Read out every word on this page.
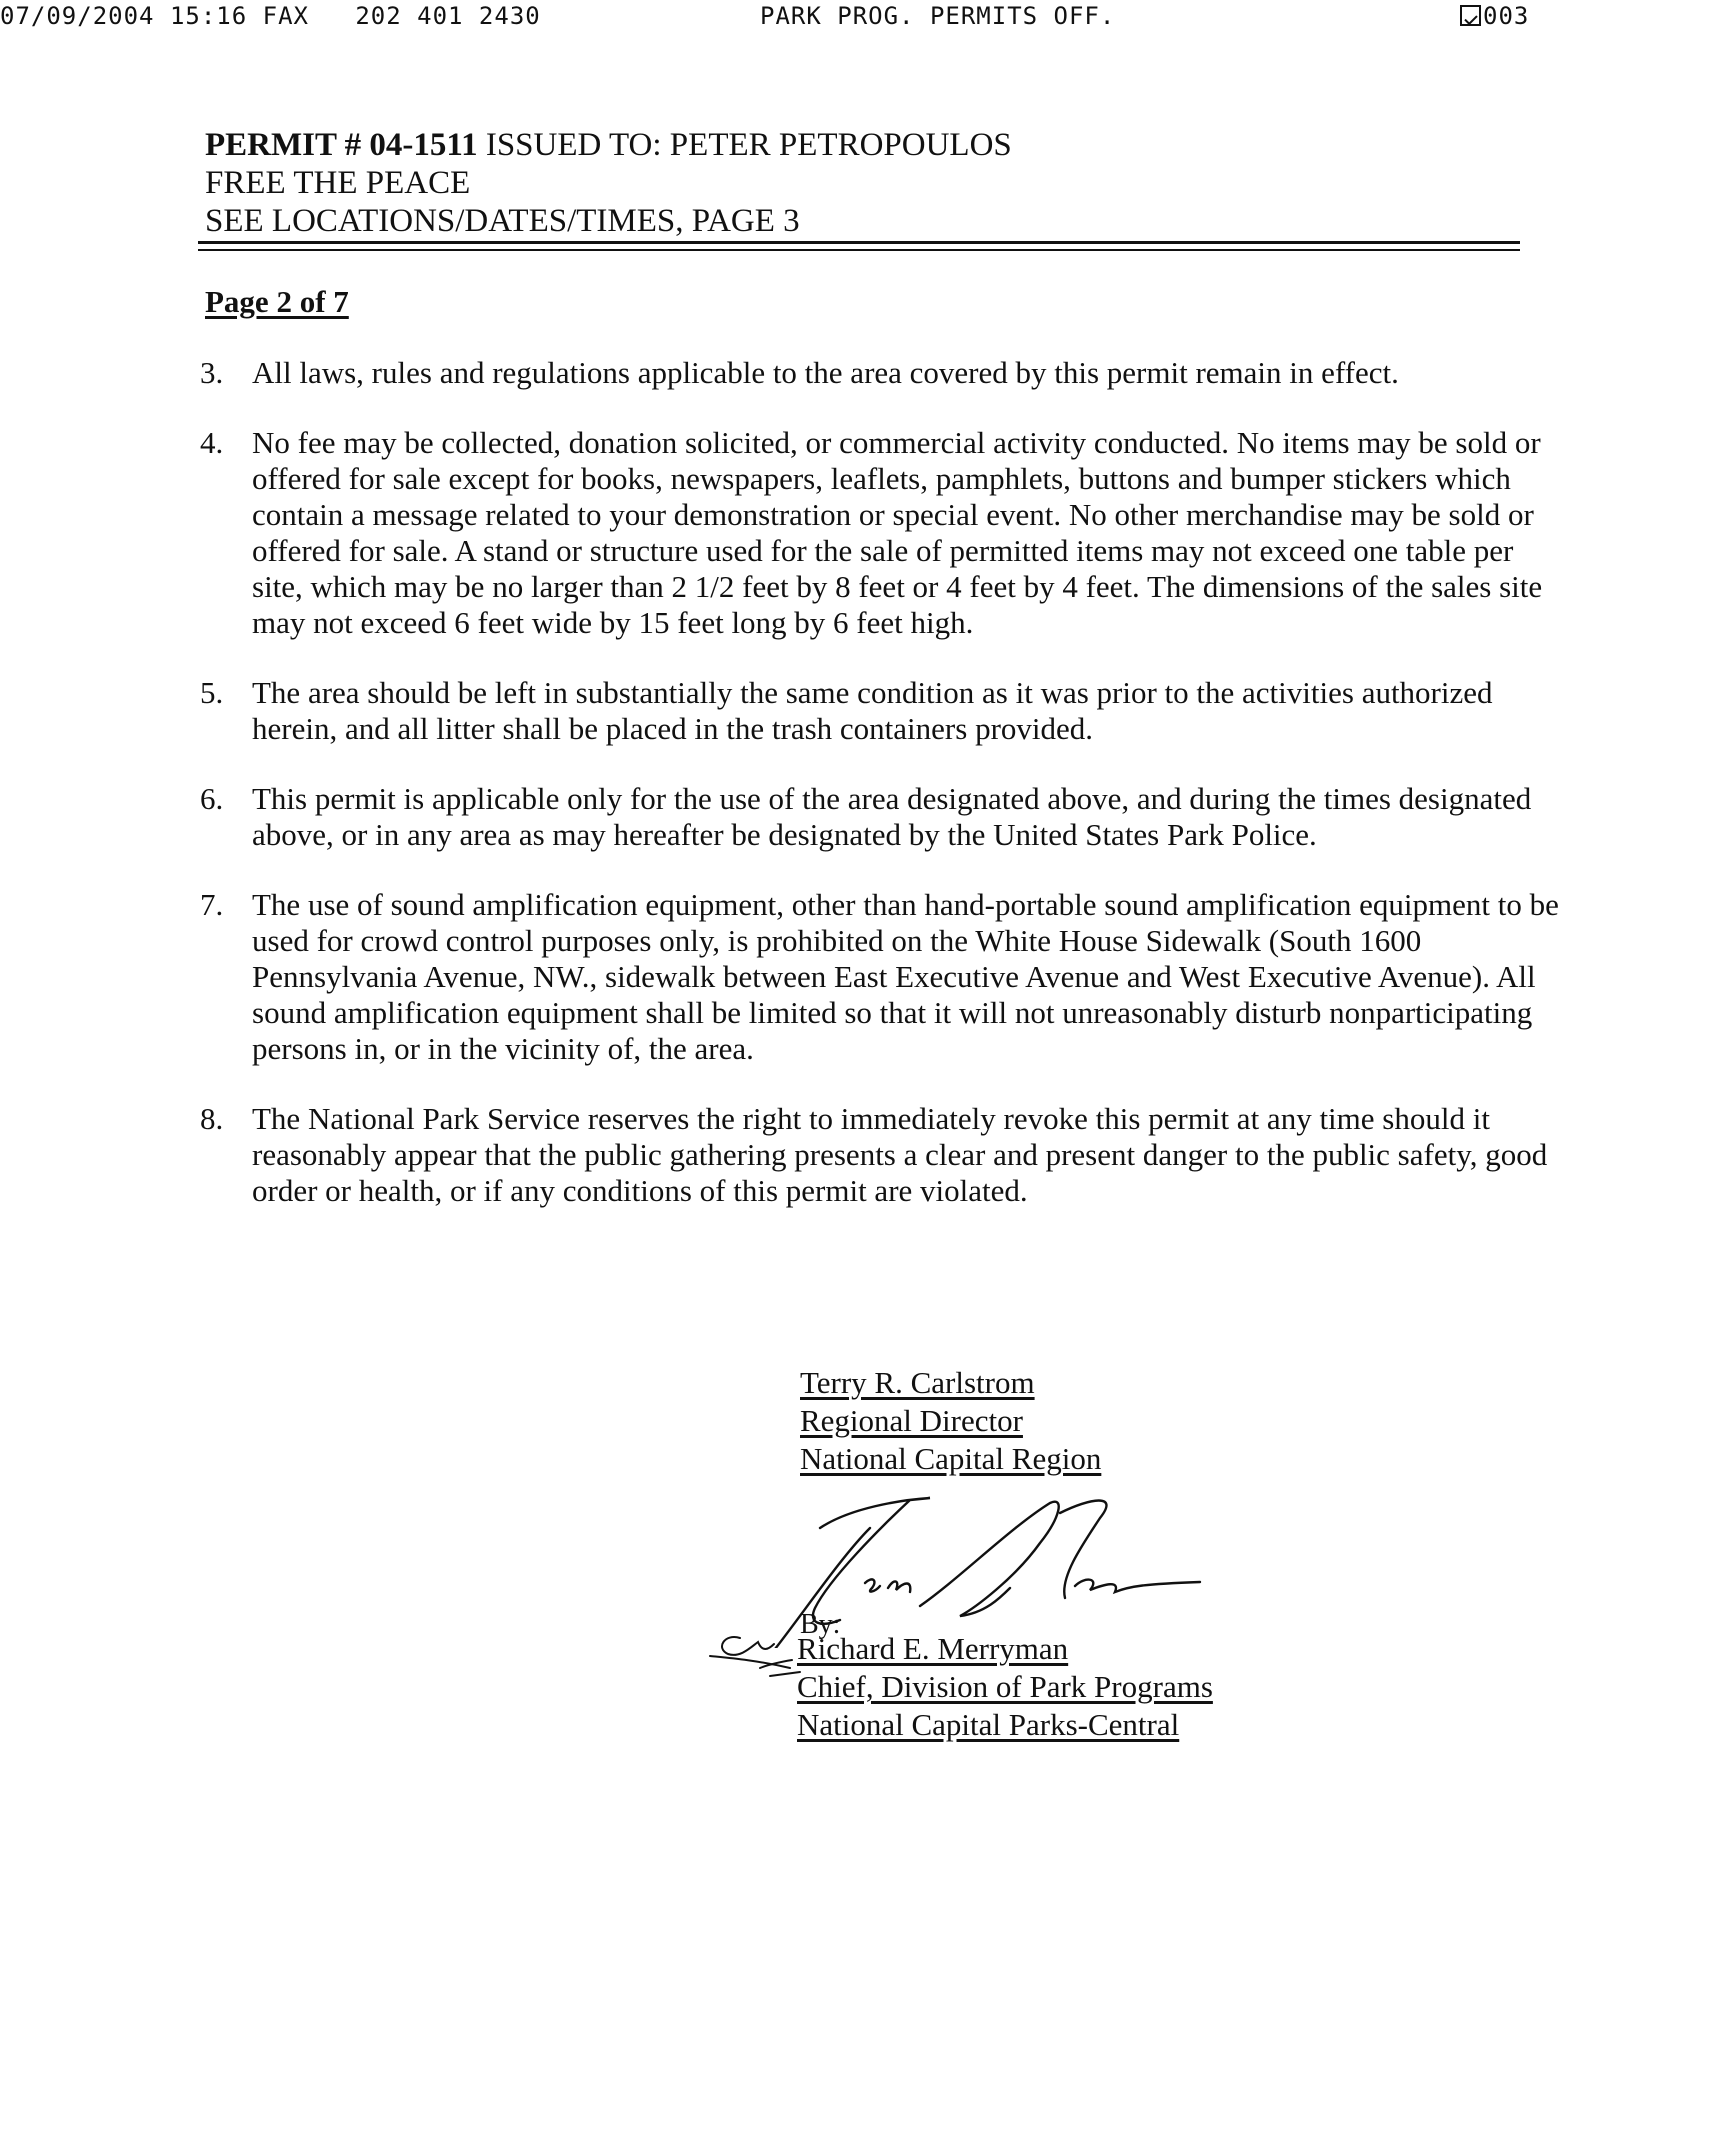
07/09/2004 15:16 FAX   202 401 2430	PARK PROG. PERMITS OFF.	003
PERMIT # 04-1511 ISSUED TO: PETER PETROPOULOS
FREE THE PEACE
SEE LOCATIONS/DATES/TIMES, PAGE 3
Page 2 of 7
3. All laws, rules and regulations applicable to the area covered by this permit remain in effect.
4. No fee may be collected, donation solicited, or commercial activity conducted. No items may be sold or offered for sale except for books, newspapers, leaflets, pamphlets, buttons and bumper stickers which contain a message related to your demonstration or special event. No other merchandise may be sold or offered for sale. A stand or structure used for the sale of permitted items may not exceed one table per site, which may be no larger than 2 1/2 feet by 8 feet or 4 feet by 4 feet. The dimensions of the sales site may not exceed 6 feet wide by 15 feet long by 6 feet high.
5. The area should be left in substantially the same condition as it was prior to the activities authorized herein, and all litter shall be placed in the trash containers provided.
6. This permit is applicable only for the use of the area designated above, and during the times designated above, or in any area as may hereafter be designated by the United States Park Police.
7. The use of sound amplification equipment, other than hand-portable sound amplification equipment to be used for crowd control purposes only, is prohibited on the White House Sidewalk (South 1600 Pennsylvania Avenue, NW., sidewalk between East Executive Avenue and West Executive Avenue). All sound amplification equipment shall be limited so that it will not unreasonably disturb nonparticipating persons in, or in the vicinity of, the area.
8. The National Park Service reserves the right to immediately revoke this permit at any time should it reasonably appear that the public gathering presents a clear and present danger to the public safety, good order or health, or if any conditions of this permit are violated.
Terry R. Carlstrom
Regional Director
National Capital Region
By:
Richard E. Merryman
Chief, Division of Park Programs
National Capital Parks-Central
